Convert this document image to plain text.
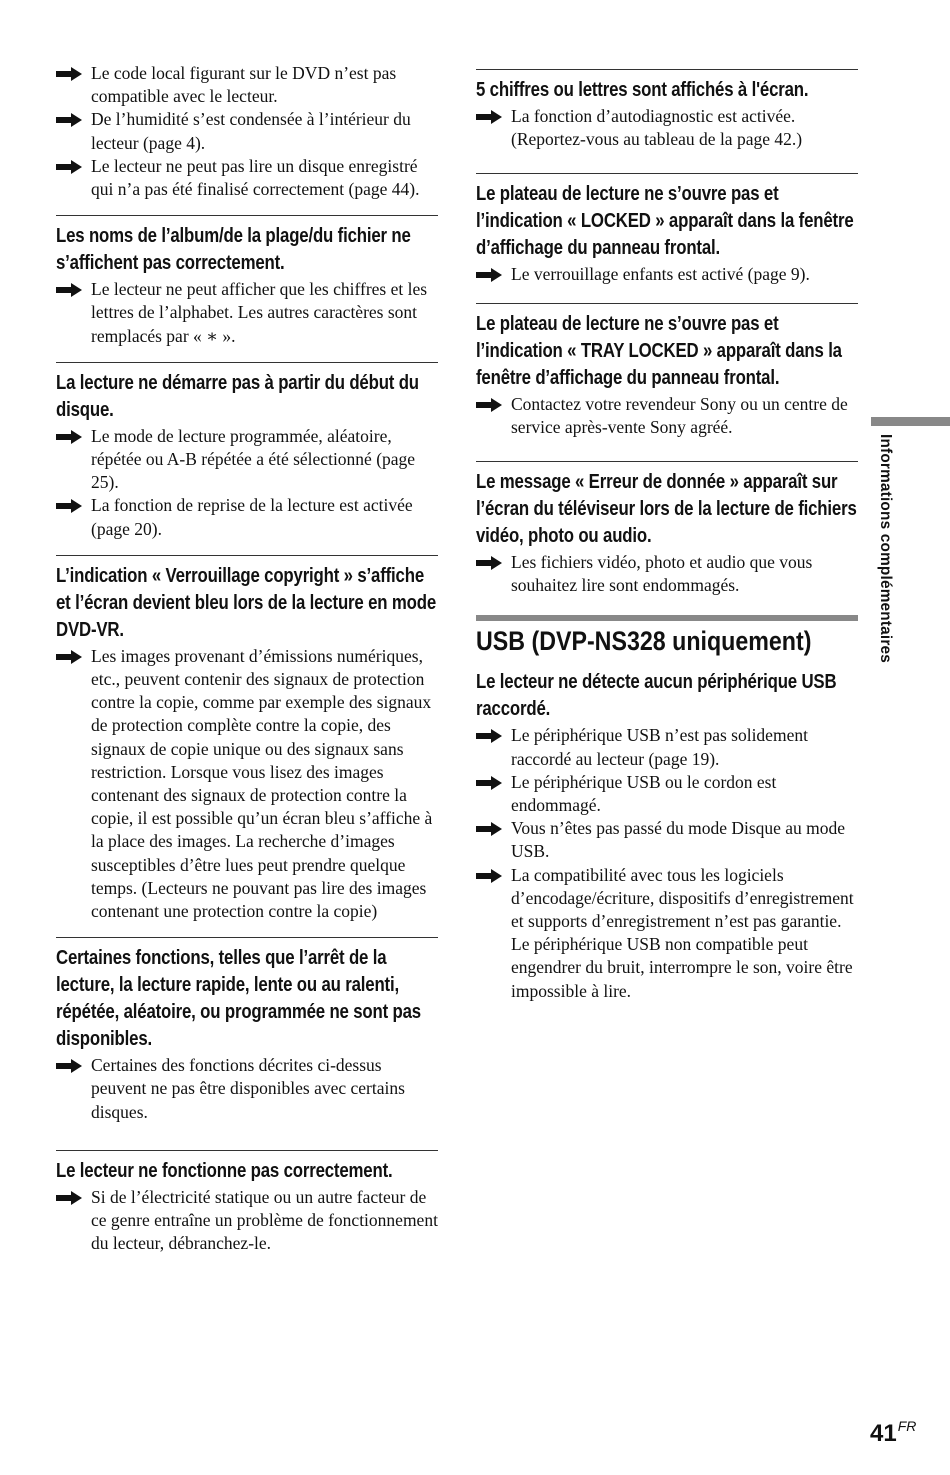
Le code local figurant sur le DVD n’est pas compatible avec le lecteur.
De l’humidité s’est condensée à l’intérieur du lecteur (page 4).
Le lecteur ne peut pas lire un disque enregistré qui n’a pas été finalisé correctement (page 44).
Les noms de l’album/de la plage/du fichier ne s’affichent pas correctement.
Le lecteur ne peut afficher que les chiffres et les lettres de l’alphabet. Les autres caractères sont remplacés par « ∗ ».
La lecture ne démarre pas à partir du début du disque.
Le mode de lecture programmée, aléatoire, répétée ou A-B répétée a été sélectionné (page 25).
La fonction de reprise de la lecture est activée (page 20).
L’indication « Verrouillage copyright » s’affiche et l’écran devient bleu lors de la lecture en mode DVD-VR.
Les images provenant d’émissions numériques, etc., peuvent contenir des signaux de protection contre la copie, comme par exemple des signaux de protection complète contre la copie, des signaux de copie unique ou des signaux sans restriction. Lorsque vous lisez des images contenant des signaux de protection contre la copie, il est possible qu’un écran bleu s’affiche à la place des images. La recherche d’images susceptibles d’être lues peut prendre quelque temps. (Lecteurs ne pouvant pas lire des images contenant une protection contre la copie)
Certaines fonctions, telles que l’arrêt de la lecture, la lecture rapide, lente ou au ralenti, répétée, aléatoire, ou programmée ne sont pas disponibles.
Certaines des fonctions décrites ci-dessus peuvent ne pas être disponibles avec certains disques.
Le lecteur ne fonctionne pas correctement.
Si de l’électricité statique ou un autre facteur de ce genre entraîne un problème de fonctionnement du lecteur, débranchez-le.
5 chiffres ou lettres sont affichés à l'écran.
La fonction d’autodiagnostic est activée. (Reportez-vous au tableau de la page 42.)
Le plateau de lecture ne s’ouvre pas et l’indication « LOCKED » apparaît dans la fenêtre d’affichage du panneau frontal.
Le verrouillage enfants est activé (page 9).
Le plateau de lecture ne s’ouvre pas et l’indication « TRAY LOCKED » apparaît dans la fenêtre d’affichage du panneau frontal.
Contactez votre revendeur Sony ou un centre de service après-vente Sony agréé.
Le message « Erreur de donnée » apparaît sur l’écran du téléviseur lors de la lecture de fichiers vidéo, photo ou audio.
Les fichiers vidéo, photo et audio que vous souhaitez lire sont endommagés.
USB (DVP-NS328 uniquement)
Le lecteur ne détecte aucun périphérique USB raccordé.
Le périphérique USB n’est pas solidement raccordé au lecteur (page 19).
Le périphérique USB ou le cordon est endommagé.
Vous n’êtes pas passé du mode Disque au mode USB.
La compatibilité avec tous les logiciels d’encodage/écriture, dispositifs d’enregistrement et supports d’enregistrement n’est pas garantie. Le périphérique USB non compatible peut engendrer du bruit, interrompre le son, voire être impossible à lire.
Informations complémentaires
$41^{FR}$
